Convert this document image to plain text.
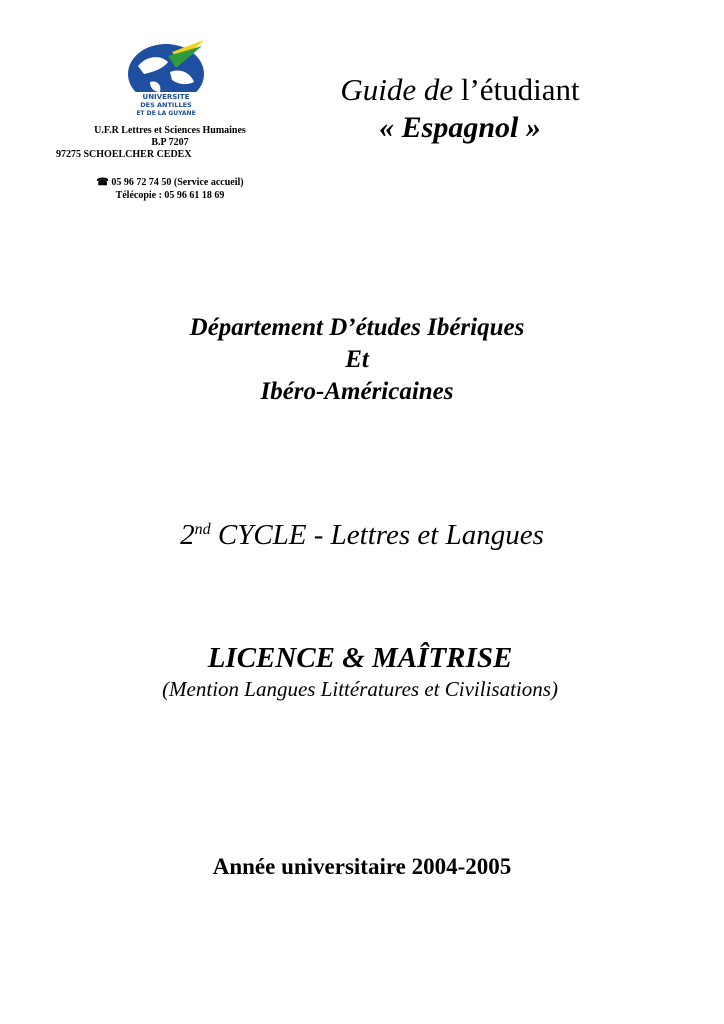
UNIVERSITE
DES ANTILLES
ET DE LA GUYANE
U.F.R Lettres et Sciences Humaines
B.P 7207
97275 SCHOELCHER CEDEX
☎ 05 96 72 74 50 (Service accueil)
Télécopie : 05 96 61 18 69
Guide de l’étudiant
« Espagnol »
Département D’études Ibériques
Et
Ibéro-Américaines
2nd CYCLE - Lettres et Langues
LICENCE & MAÎTRISE
(Mention Langues Littératures et Civilisations)
Année universitaire 2004-2005
